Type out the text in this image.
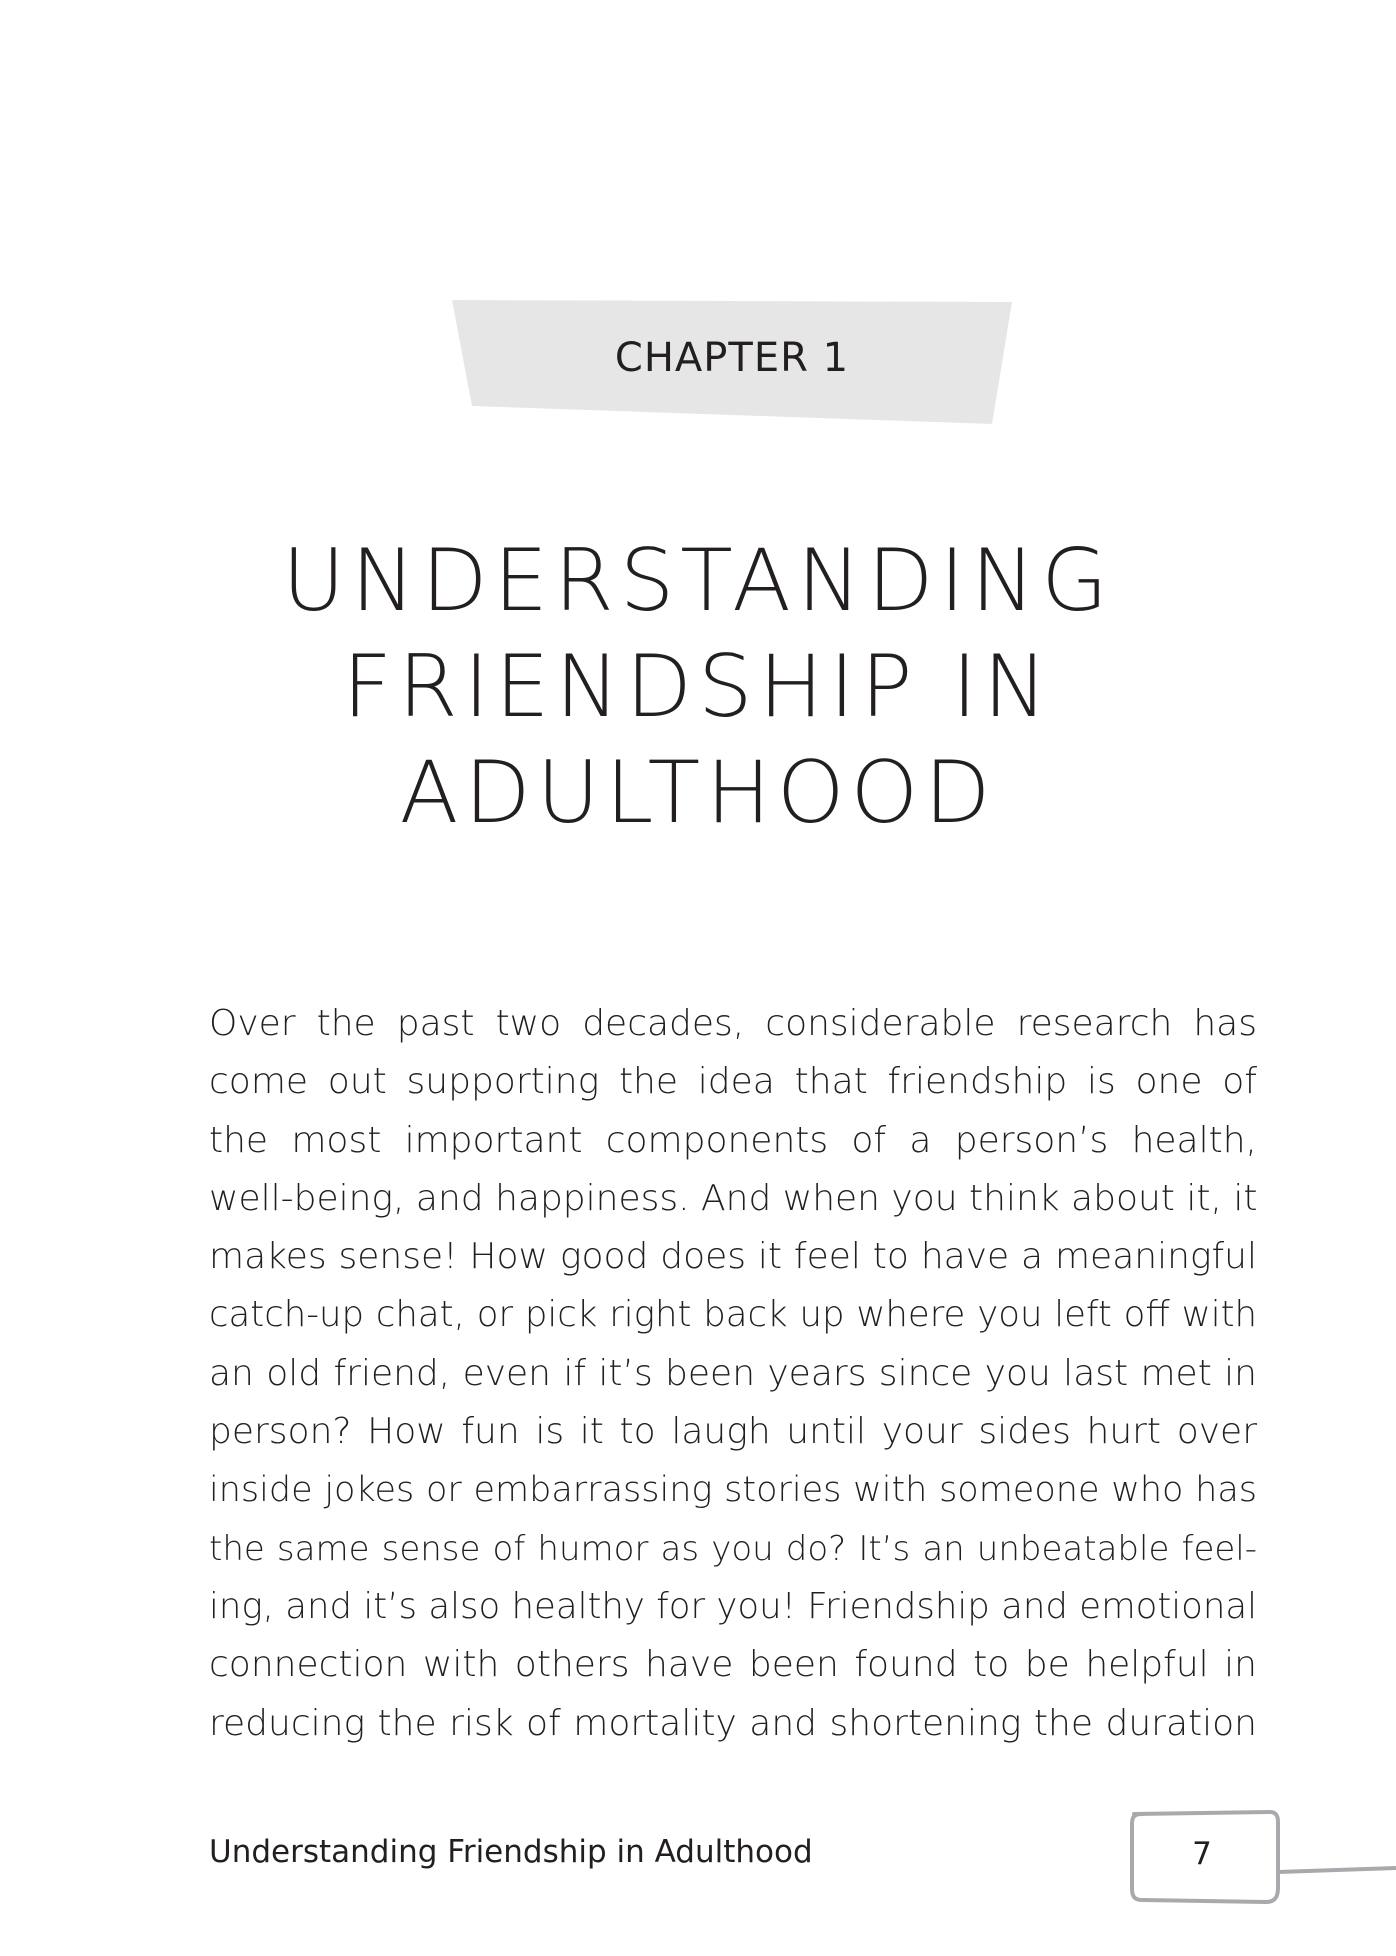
CHAPTER 1
UNDERSTANDING
FRIENDSHIP IN
ADULTHOOD
Over the past two decades, considerable research has
come out supporting the idea that friendship is one of
the most important components of a person’s health,
well-being, and happiness. And when you think about it, it
makes sense! How good does it feel to have a meaningful
catch-up chat, or pick right back up where you left off with
an old friend, even if it’s been years since you last met in
person? How fun is it to laugh until your sides hurt over
inside jokes or embarrassing stories with someone who has
the same sense of humor as you do? It’s an unbeatable feel-
ing, and it’s also healthy for you! Friendship and emotional
connection with others have been found to be helpful in
reducing the risk of mortality and shortening the duration
Understanding Friendship in Adulthood	7
